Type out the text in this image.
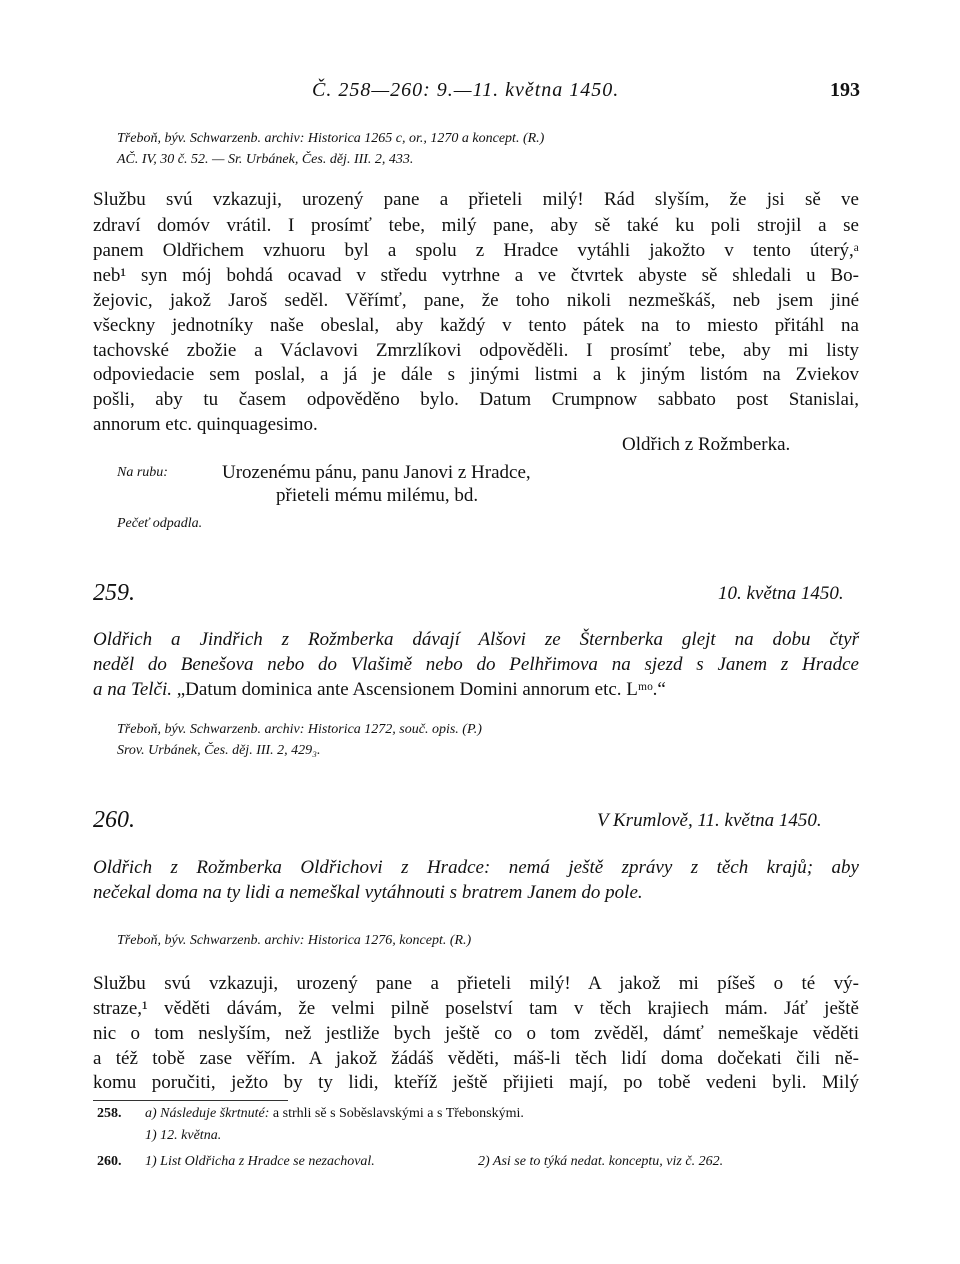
Č. 258—260: 9.—11. května 1450.	193
Třeboň, býv. Schwarzenb. archiv: Historica 1265 c, or., 1270 a koncept. (R.)
AČ. IV, 30 č. 52. — Sr. Urbánek, Čes. děj. III. 2, 433.
Službu svú vzkazuji, urozený pane a přieteli milý! Rád slyším, že jsi sě ve
zdraví domóv vrátil. I prosímť tebe, milý pane, aby sě také ku poli strojil a se
panem Oldřichem vzhuoru byl a spolu z Hradce vytáhli jakožto v tento úterý,ᵃ
neb¹ syn mój bohdá ocavad v středu vytrhne a ve čtvrtek abyste sě shledali u Bo-
žejovic, jakož Jaroš seděl. Věřímť, pane, že toho nikoli nezmeškáš, neb jsem jiné
všeckny jednotníky naše obeslal, aby každý v tento pátek na to miesto přitáhl na
tachovské zbožie a Václavovi Zmrzlíkovi odpověděli. I prosímť tebe, aby mi listy
odpoviedacie sem poslal, a já je dále s jinými listmi a k jiným listóm na Zviekov
pošli, aby tu časem odpověděno bylo. Datum Crumpnow sabbato post Stanislai,
annorum etc. quinquagesimo.
Oldřich z Rožmberka.
Na rubu:	Urozenému pánu, panu Janovi z Hradce,
přieteli mému milému, bd.
Pečeť odpadla.
259.	10. května 1450.
Oldřich a Jindřich z Rožmberka dávají Alšovi ze Šternberka glejt na dobu čtyř
neděl do Benešova nebo do Vlašimě nebo do Pelhřimova na sjezd s Janem z Hradce
a na Telči. „Datum dominica ante Ascensionem Domini annorum etc. Lᵐᵒ.“
Třeboň, býv. Schwarzenb. archiv: Historica 1272, souč. opis. (P.)
Srov. Urbánek, Čes. děj. III. 2, 429₃.
260.	V Krumlově, 11. května 1450.
Oldřich z Rožmberka Oldřichovi z Hradce: nemá ještě zprávy z těch krajů; aby
nečekal doma na ty lidi a nemeškal vytáhnouti s bratrem Janem do pole.
Třeboň, býv. Schwarzenb. archiv: Historica 1276, koncept. (R.)
Službu svú vzkazuji, urozený pane a přieteli milý! A jakož mi píšeš o té vý-
straze,¹ věděti dávám, že velmi pilně poselství tam v těch krajiech mám. Jáť ještě
nic o tom neslyším, než jestliže bych ještě co o tom zvěděl, dámť nemeškaje věděti
a též tobě zase věřím. A jakož žádáš věděti, máš-li těch lidí doma dočekati čili ně-
komu poručiti, ježto by ty lidi, kteříž ještě přijieti mají, po tobě vedeni byli. Milý
258. a) Následuje škrtnuté: a strhli sě s Soběslavskými a s Třebonskými.
1) 12. května.
260. 1) List Oldřicha z Hradce se nezachoval.	2) Asi se to týká nedat. konceptu, viz č. 262.
